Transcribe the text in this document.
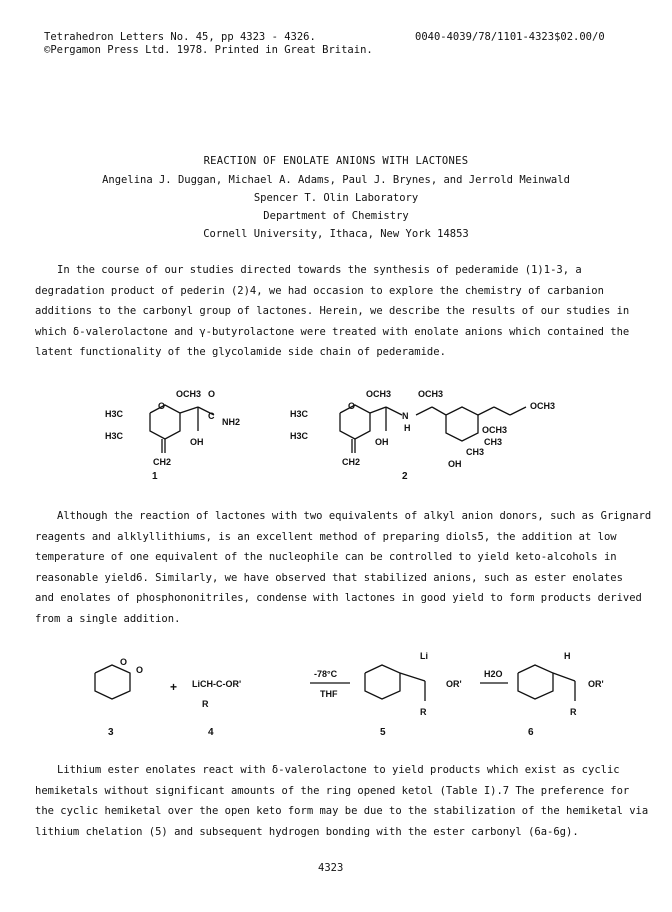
Tetrahedron Letters No. 45, pp 4323 - 4326.
©Pergamon Press Ltd. 1978. Printed in Great Britain.
0040-4039/78/1101-4323$02.00/0
REACTION OF ENOLATE ANIONS WITH LACTONES
Angelina J. Duggan, Michael A. Adams, Paul J. Brynes, and Jerrold Meinwald
Spencer T. Olin Laboratory
Department of Chemistry
Cornell University, Ithaca, New York 14853
In the course of our studies directed towards the synthesis of pederamide (1)1-3, a
degradation product of pederin (2)4, we had occasion to explore the chemistry of carbanion
additions to the carbonyl group of lactones. Herein, we describe the results of our studies in
which δ-valerolactone and γ-butyrolactone were treated with enolate anions which contained the
latent functionality of the glycolamide side chain of pederamide.
H3C
H3C
O
OCH3 O
C
NH2
OH
CH2
1
H3C
H3C
O
OCH3
N
H
OCH3
OH
CH2
OCH3
OCH3
CH3
CH3
OH
2
Although the reaction of lactones with two equivalents of alkyl anion donors, such as Grignard
reagents and alklyllithiums, is an excellent method of preparing diols5, the addition at low
temperature of one equivalent of the nucleophile can be controlled to yield keto-alcohols in
reasonable yield6. Similarly, we have observed that stabilized anions, such as ester enolates
and enolates of phosphononitriles, condense with lactones in good yield to form products derived
from a single addition.
O
O
+ LiCH-C-OR'
R
-78°C
THF
Li
OR'
R
H2O
H
OR'
R
3	4	5	6
Lithium ester enolates react with δ-valerolactone to yield products which exist as cyclic
hemiketals without significant amounts of the ring opened ketol (Table I).7 The preference for
the cyclic hemiketal over the open keto form may be due to the stabilization of the hemiketal via
lithium chelation (5) and subsequent hydrogen bonding with the ester carbonyl (6a-6g).
4323
